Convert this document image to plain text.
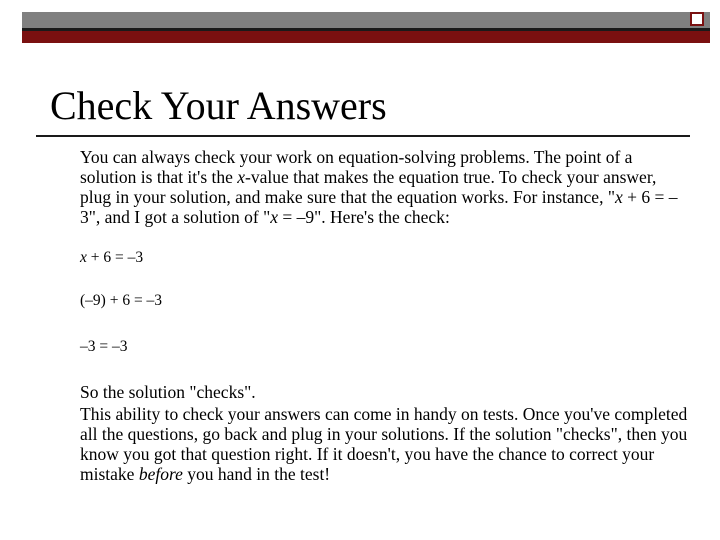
Check Your Answers
You can always check your work on equation-solving problems. The point of a solution is that it's the x-value that makes the equation true. To check your answer, plug in your solution, and make sure that the equation works. For instance, "x + 6 = –3", and I got a solution of "x = –9". Here's the check:
x + 6 = –3
(–9) + 6 = –3
–3 = –3
So the solution "checks".
This ability to check your answers can come in handy on tests. Once you've completed all the questions, go back and plug in your solutions. If the solution "checks", then you know you got that question right. If it doesn't, you have the chance to correct your mistake before you hand in the test!
